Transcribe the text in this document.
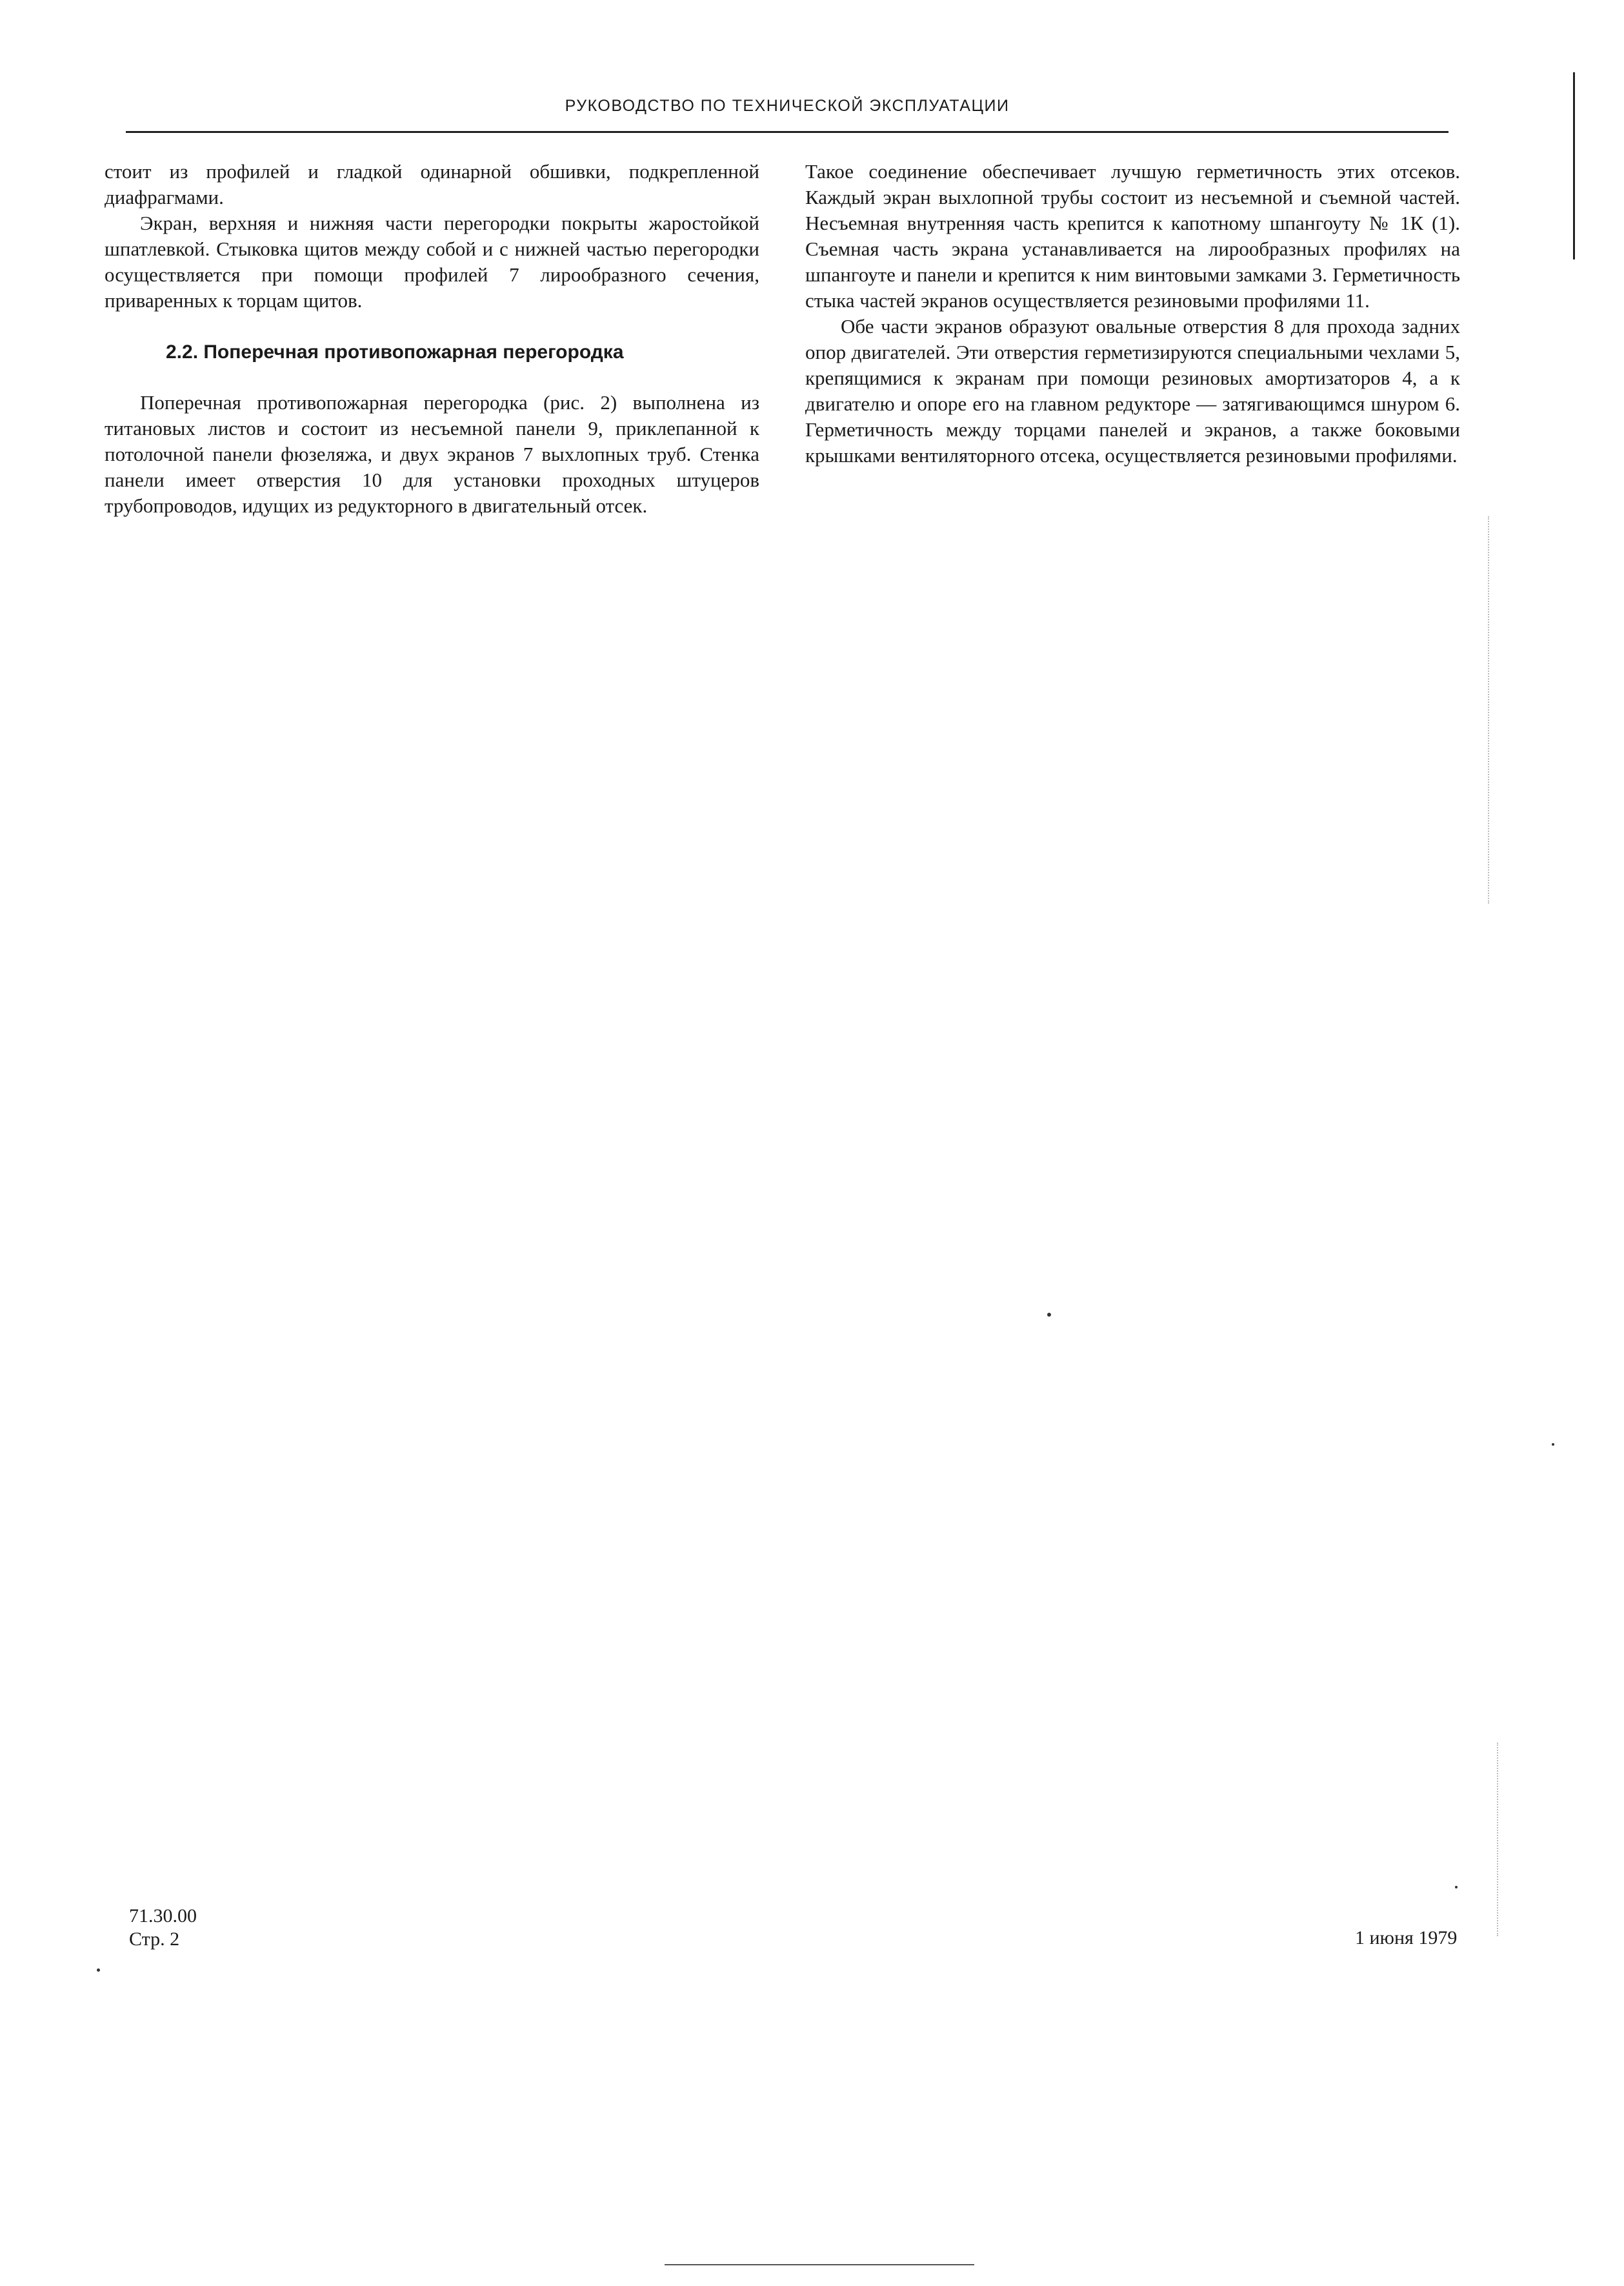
РУКОВОДСТВО ПО ТЕХНИЧЕСКОЙ ЭКСПЛУАТАЦИИ

стоит из профилей и гладкой одинарной обшивки, подкрепленной диафрагмами.

Экран, верхняя и нижняя части перегородки покрыты жаростойкой шпатлевкой. Стыковка щитов между собой и с нижней частью перегородки осуществляется при помощи профилей 7 лирообразного сечения, приваренных к торцам щитов.

2.2. Поперечная противопожарная перегородка

Поперечная противопожарная перегородка (рис. 2) выполнена из титановых листов и состоит из несъемной панели 9, приклепанной к потолочной панели фюзеляжа, и двух экранов 7 выхлопных труб. Стенка панели имеет отверстия 10 для установки проходных штуцеров трубопроводов, идущих из редукторного в двигательный отсек.

Такое соединение обеспечивает лучшую герметичность этих отсеков. Каждый экран выхлопной трубы состоит из несъемной и съемной частей. Несъемная внутренняя часть крепится к капотному шпангоуту № 1К (1). Съемная часть экрана устанавливается на лирообразных профилях на шпангоуте и панели и крепится к ним винтовыми замками 3. Герметичность стыка частей экранов осуществляется резиновыми профилями 11.

Обе части экранов образуют овальные отверстия 8 для прохода задних опор двигателей. Эти отверстия герметизируются специальными чехлами 5, крепящимися к экранам при помощи резиновых амортизаторов 4, а к двигателю и опоре его на главном редукторе — затягивающимся шнуром 6. Герметичность между торцами панелей и экранов, а также боковыми крышками вентиляторного отсека, осуществляется резиновыми профилями.

71.30.00
Стр. 2	1 июня 1979
